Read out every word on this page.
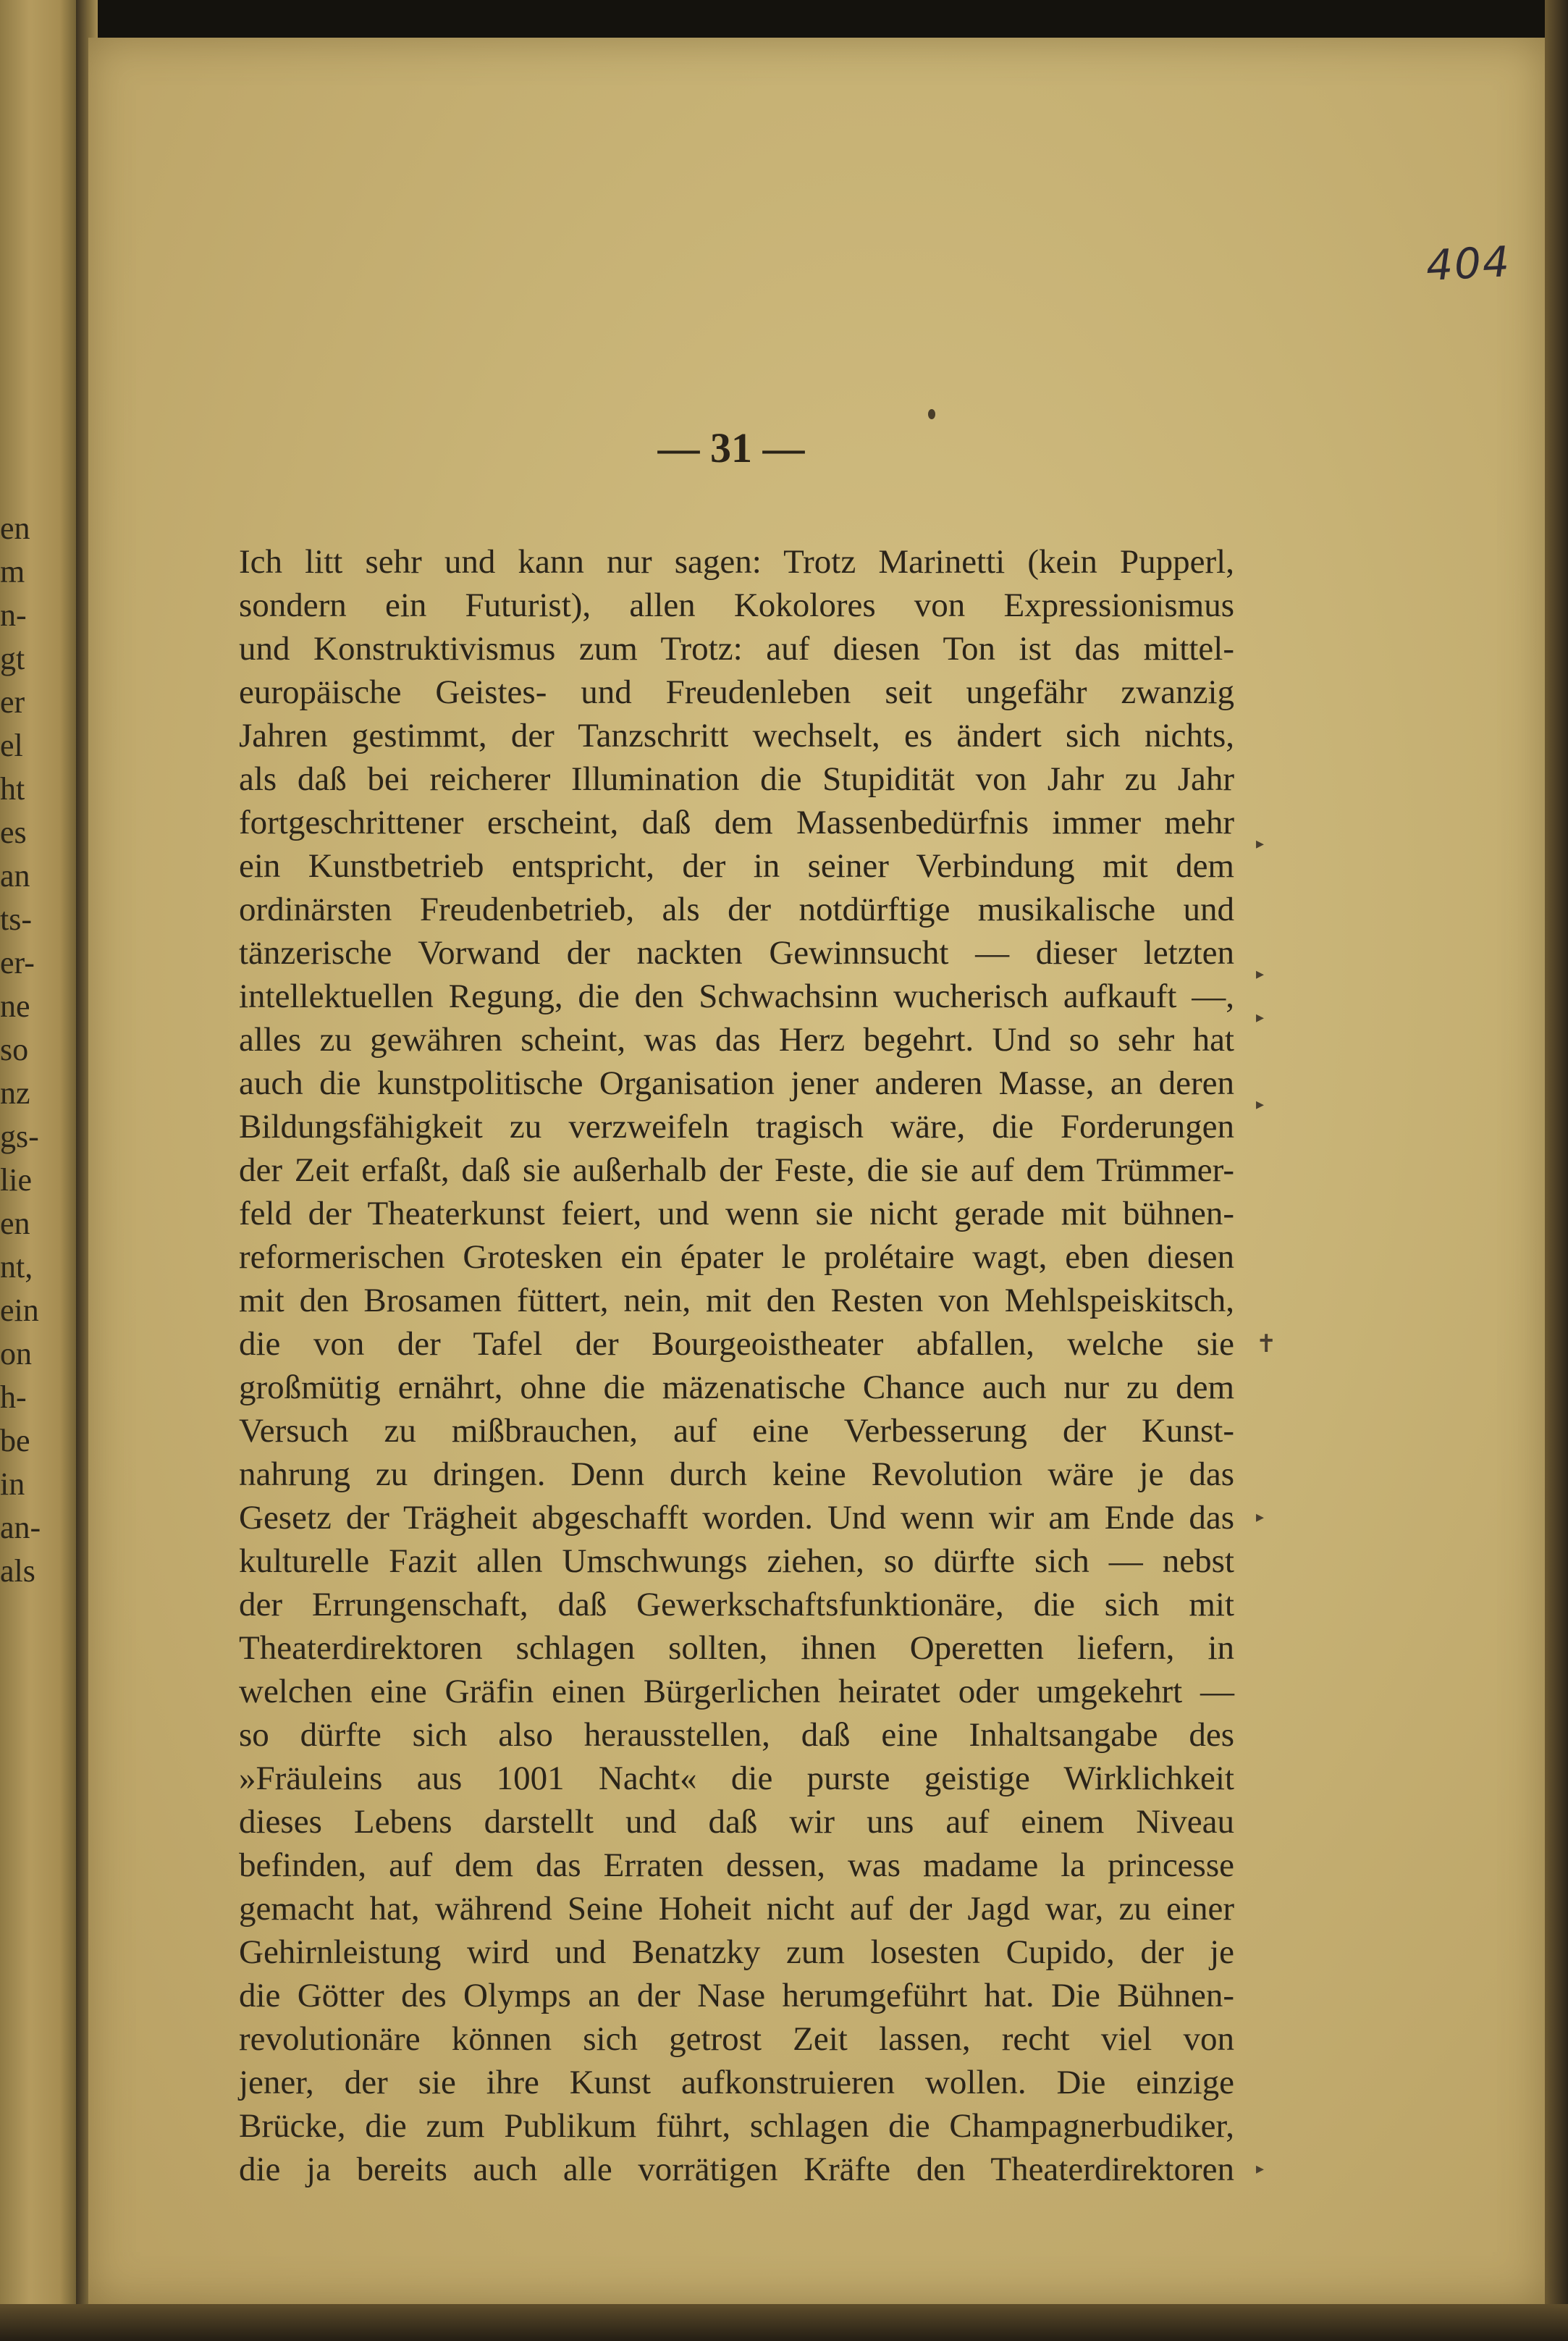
en
m
n-
gt
er
el
ht
es
an
ts-
er-
ne
so
nz
gs-
lie
en
nt,
ein
on
h-
be
in
an-
als
404
— 31 —
Ich litt sehr und kann nur sagen: Trotz Marinetti (kein Pupperl,
sondern ein Futurist), allen Kokolores von Expressionismus
und Konstruktivismus zum Trotz: auf diesen Ton ist das mittel-
europäische Geistes- und Freudenleben seit ungefähr zwanzig
Jahren gestimmt, der Tanzschritt wechselt, es ändert sich nichts,
als daß bei reicherer Illumination die Stupidität von Jahr zu Jahr
fortgeschrittener erscheint, daß dem Massenbedürfnis immer mehr
ein Kunstbetrieb entspricht, der in seiner Verbindung mit dem
ordinärsten Freudenbetrieb, als der notdürftige musikalische und
tänzerische Vorwand der nackten Gewinnsucht — dieser letzten
intellektuellen Regung, die den Schwachsinn wucherisch aufkauft —,
alles zu gewähren scheint, was das Herz begehrt. Und so sehr hat
auch die kunstpolitische Organisation jener anderen Masse, an deren
Bildungsfähigkeit zu verzweifeln tragisch wäre, die Forderungen
der Zeit erfaßt, daß sie außerhalb der Feste, die sie auf dem Trümmer-
feld der Theaterkunst feiert, und wenn sie nicht gerade mit bühnen-
reformerischen Grotesken ein épater le prolétaire wagt, eben diesen
mit den Brosamen füttert, nein, mit den Resten von Mehlspeiskitsch,
die von der Tafel der Bourgeoistheater abfallen, welche sie
großmütig ernährt, ohne die mäzenatische Chance auch nur zu dem
Versuch zu mißbrauchen, auf eine Verbesserung der Kunst-
nahrung zu dringen. Denn durch keine Revolution wäre je das
Gesetz der Trägheit abgeschafft worden. Und wenn wir am Ende das
kulturelle Fazit allen Umschwungs ziehen, so dürfte sich — nebst
der Errungenschaft, daß Gewerkschaftsfunktionäre, die sich mit
Theaterdirektoren schlagen sollten, ihnen Operetten liefern, in
welchen eine Gräfin einen Bürgerlichen heiratet oder umgekehrt —
so dürfte sich also herausstellen, daß eine Inhaltsangabe des
»Fräuleins aus 1001 Nacht« die purste geistige Wirklichkeit
dieses Lebens darstellt und daß wir uns auf einem Niveau
befinden, auf dem das Erraten dessen, was madame la princesse
gemacht hat, während Seine Hoheit nicht auf der Jagd war, zu einer
Gehirnleistung wird und Benatzky zum losesten Cupido, der je
die Götter des Olymps an der Nase herumgeführt hat. Die Bühnen-
revolutionäre können sich getrost Zeit lassen, recht viel von
jener, der sie ihre Kunst aufkonstruieren wollen. Die einzige
Brücke, die zum Publikum führt, schlagen die Champagnerbudiker,
die ja bereits auch alle vorrätigen Kräfte den Theaterdirektoren
▸
▸
▸
▸
✝
▸
▸
